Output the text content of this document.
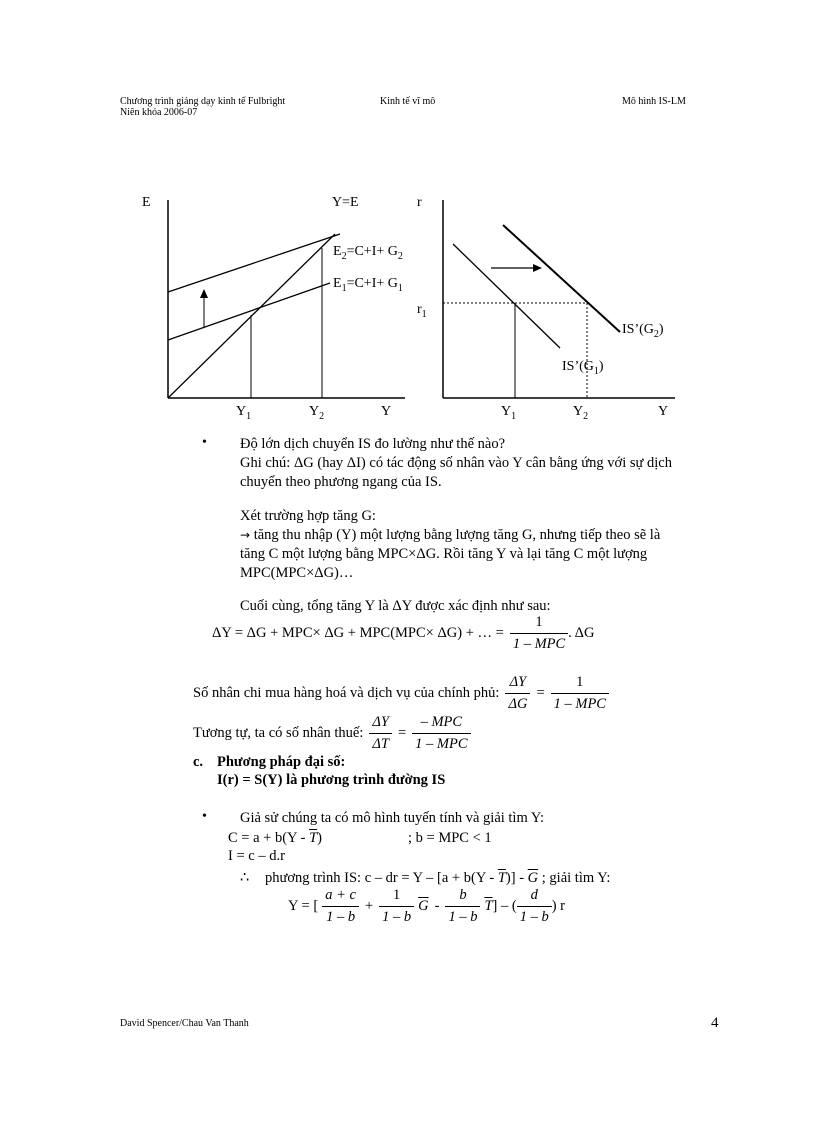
Chương trình giảng dạy kinh tế Fulbright
Niên khóa 2006-07
Kinh tế vĩ mô	Mô hình IS-LM
E	Y=E
$E_2=C+I+ G_2$
$E_1=C+I+ G_1$
$Y_1$	$Y_2$	Y
r
$r_1$
$IS’(G_2)$
$IS’(G_1)$
$Y_1$	$Y_2$	Y
• Độ lớn dịch chuyển IS đo lường như thế nào?
Ghi chú: ΔG (hay ΔI) có tác động số nhân vào Y cân bằng ứng với sự dịch
chuyển theo phương ngang của IS.
Xét trường hợp tăng G:
→ tăng thu nhập (Y) một lượng bằng lượng tăng G, nhưng tiếp theo sẽ là
tăng C một lượng bằng MPC×ΔG. Rồi tăng Y và lại tăng C một lượng
MPC(MPC×ΔG)…
Cuối cùng, tổng tăng Y là ΔY được xác định như sau:
ΔY = ΔG + MPC× ΔG + MPC(MPC× ΔG) + … = $\frac{1}{\text{1 – MPC}}$ . ΔG
Số nhân chi mua hàng hoá và dịch vụ của chính phủ: $\frac{\Delta Y}{\Delta G} = \frac{1}{\text{1 – MPC}}$
Tương tự, ta có số nhân thuế: $\frac{\Delta Y}{\Delta T} = \frac{\text{– MPC}}{\text{1 – MPC}}$
c. Phương pháp đại số:
I(r) = S(Y) là phương trình đường IS
• Giả sử chúng ta có mô hình tuyến tính và giải tìm Y:
$C = a + b(Y - \overline{T})$	; b = MPC < 1
I = c – d.r
∴ phương trình IS: c – dr = $Y - [a + b(Y - \overline{T})] - \overline{G}$ ; giải tìm Y:
Y = [ $\frac{a + c}{1 - b} + \frac{1}{1 - b} \overline{G} - \frac{b}{1 - b} \overline{T}$ ] – ( $\frac{d}{1 - b}$ ) r
David Spencer/Chau Van Thanh	4
